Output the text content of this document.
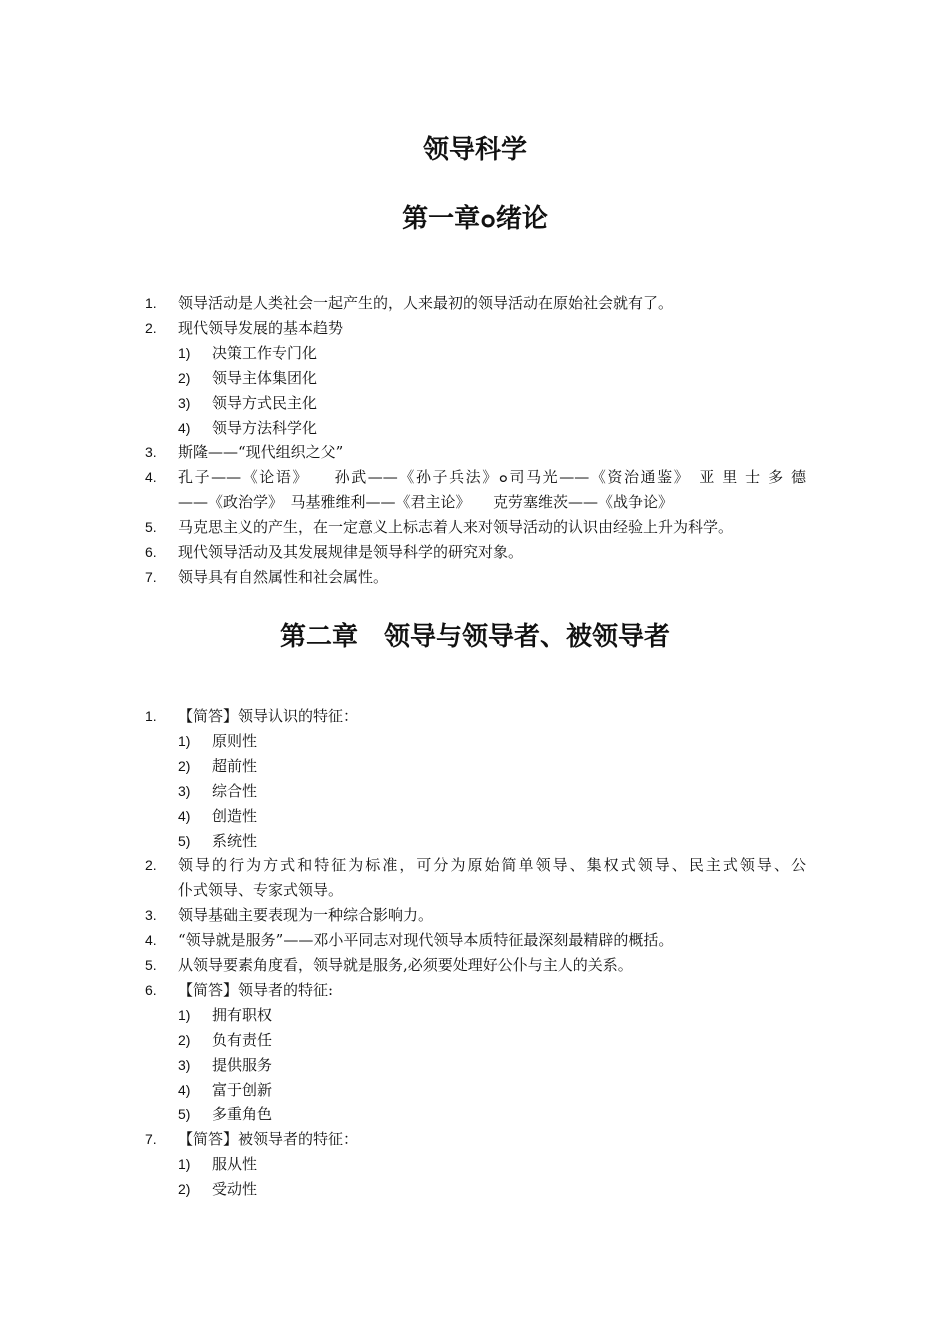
领导科学
第一章๐绪论
1. 领导活动是人类社会一起产生的，人来最初的领导活动在原始社会就有了。
2. 现代领导发展的基本趋势
1) 决策工作专门化
2) 领导主体集团化
3) 领导方式民主化
4) 领导方法科学化
3. 斯隆——“现代组织之父”
4. 孔子——《论语》　　孙武——《孙子兵法》๐司马光——《资治通鉴》　亚 里 士 多 德
——《政治学》　马基雅维利——《君主论》　　克劳塞维茨——《战争论》
5. 马克思主义的产生，在一定意义上标志着人来对领导活动的认识由经验上升为科学。
6. 现代领导活动及其发展规律是领导科学的研究对象。
7. 领导具有自然属性和社会属性。
第二章　领导与领导者、被领导者
1. 【简答】领导认识的特征：
1) 原则性
2) 超前性
3) 综合性
4) 创造性
5) 系统性
2. 领导的行为方式和特征为标准，可分为原始简单领导、集权式领导、民主式领导、公
仆式领导、专家式领导。
3. 领导基础主要表现为一种综合影响力。
4. “领导就是服务”——邓小平同志对现代领导本质特征最深刻最精辟的概括。
5. 从领导要素角度看，领导就是服务,必须要处理好公仆与主人的关系。
6. 【简答】领导者的特征:
1) 拥有职权
2) 负有责任
3) 提供服务
4) 富于创新
5) 多重角色
7. 【简答】被领导者的特征：
1) 服从性
2) 受动性
